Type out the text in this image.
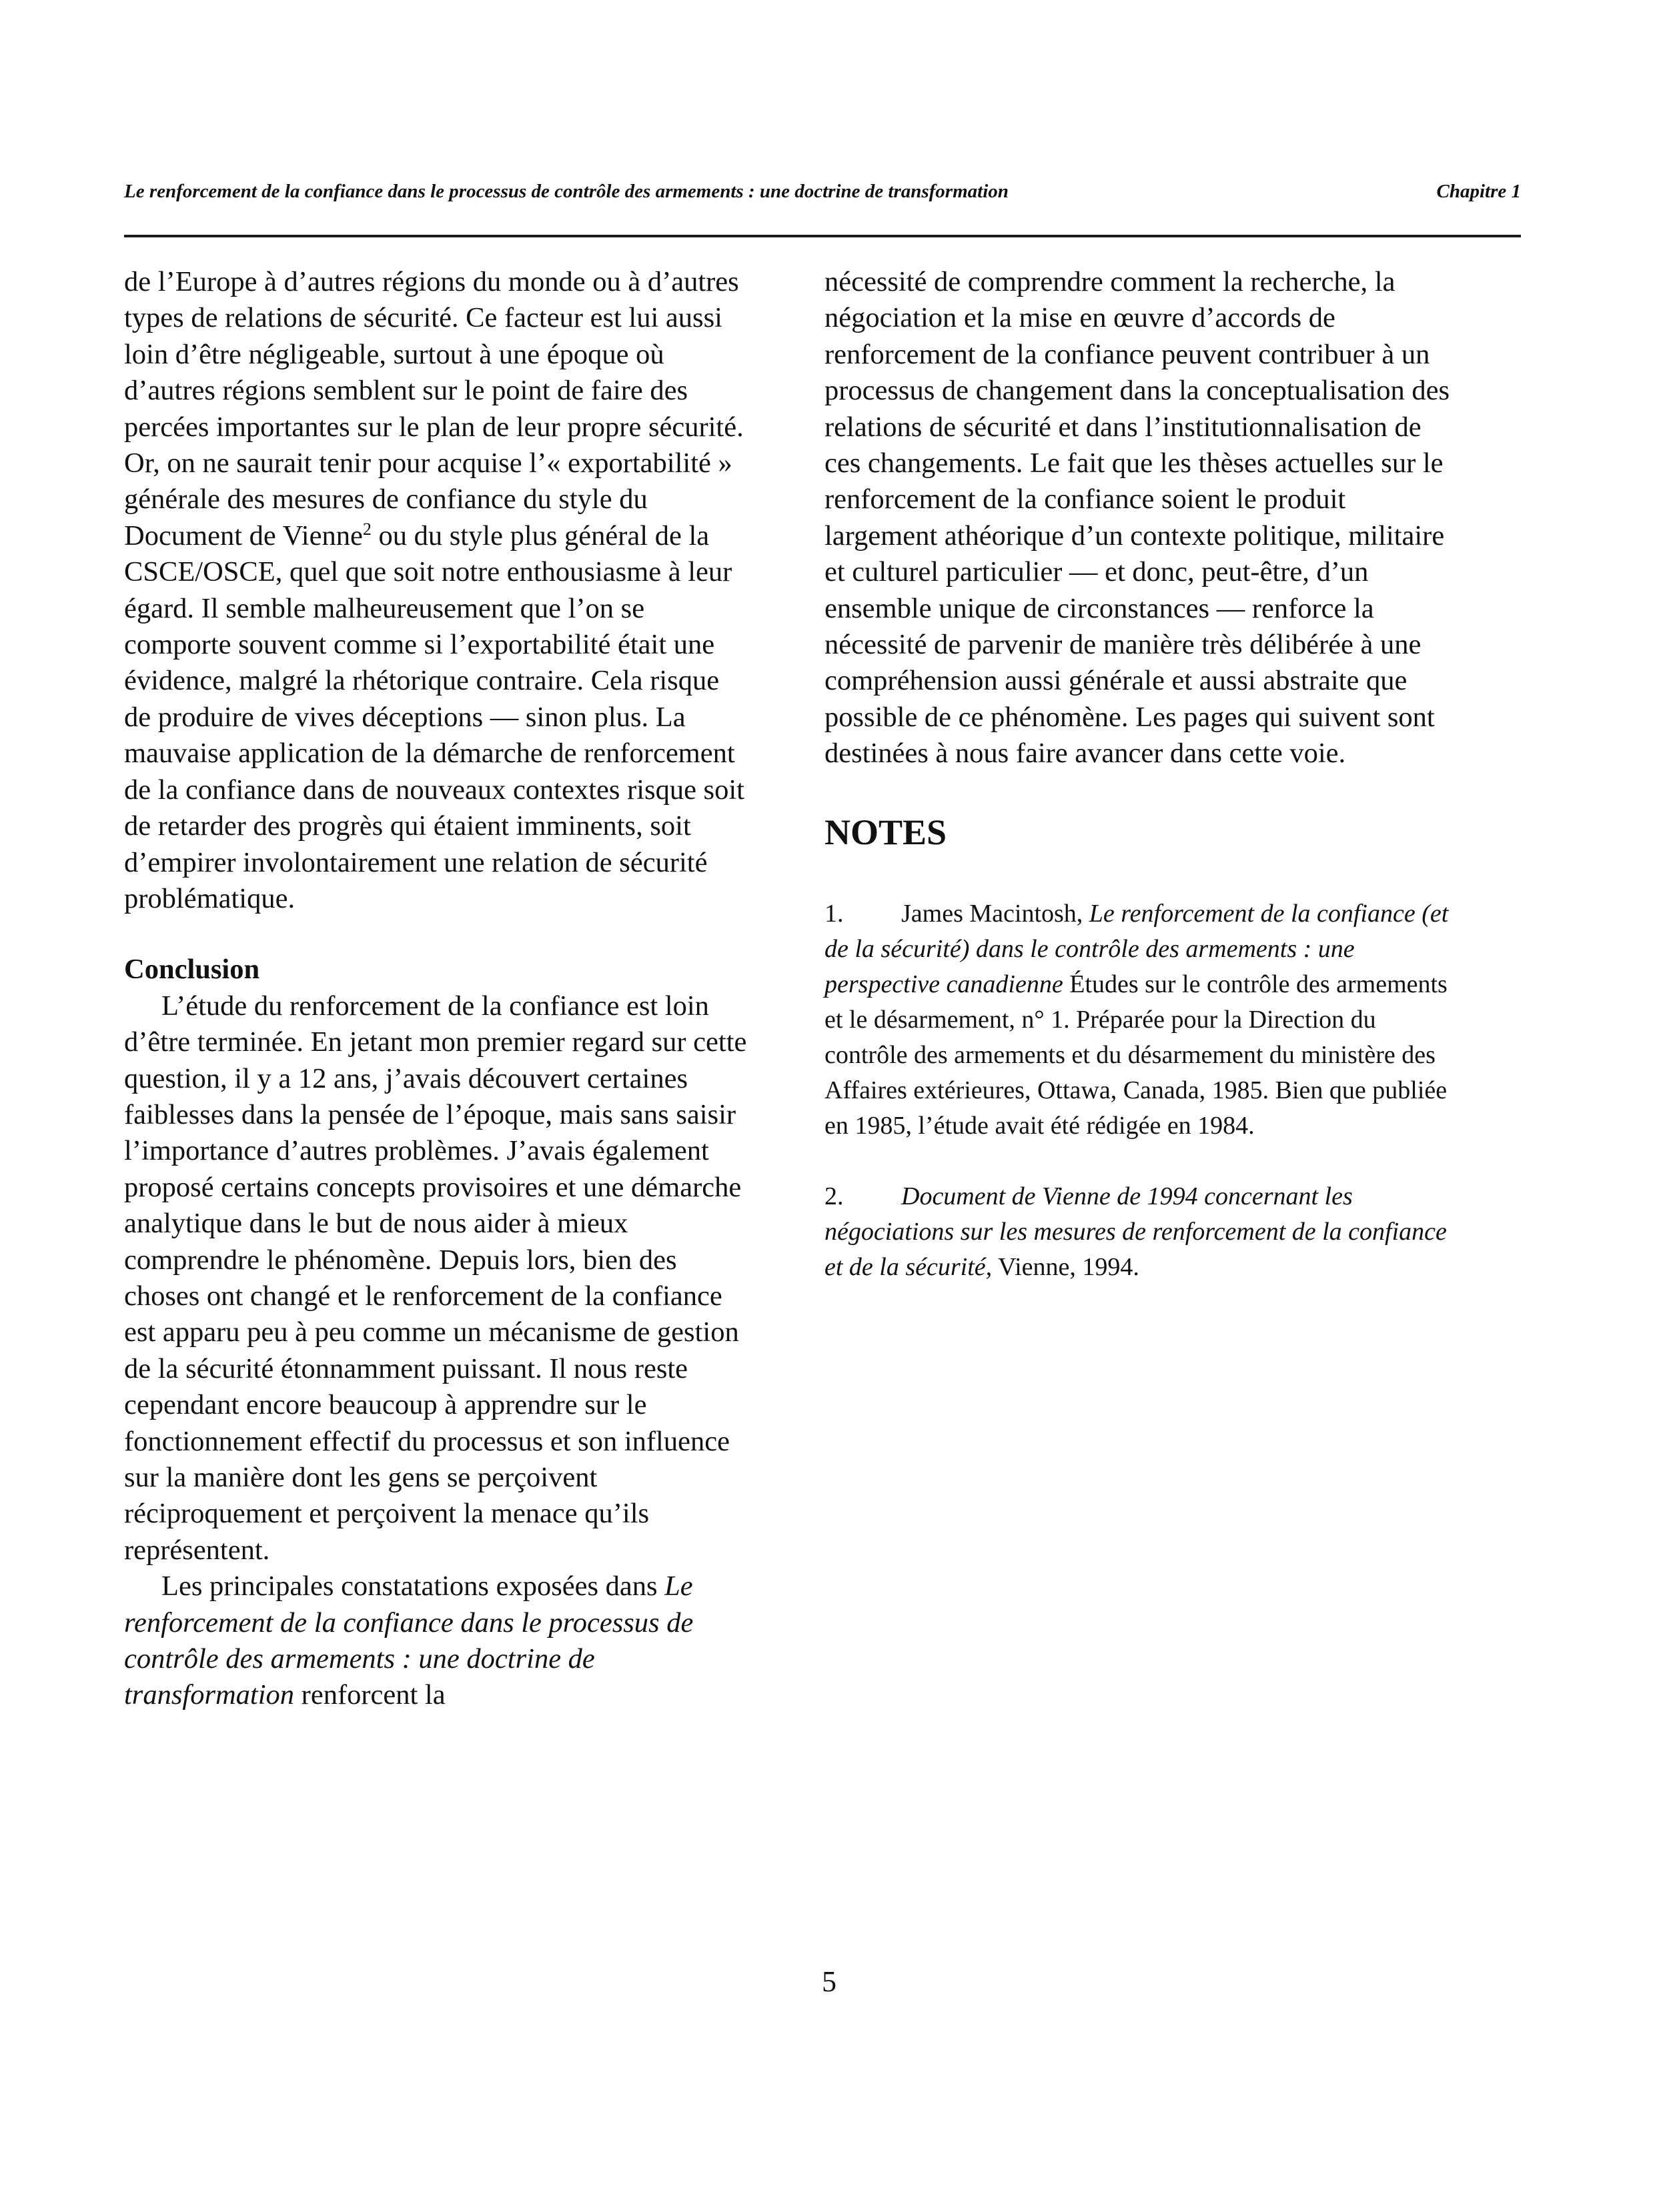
Le renforcement de la confiance dans le processus de contrôle des armements : une doctrine de transformation	Chapitre 1

de l’Europe à d’autres régions du monde ou à d’autres types de relations de sécurité. Ce facteur est lui aussi loin d’être négligeable, surtout à une époque où d’autres régions semblent sur le point de faire des percées importantes sur le plan de leur propre sécurité. Or, on ne saurait tenir pour acquise l’« exportabilité » générale des mesures de confiance du style du Document de Vienne$^2$ ou du style plus général de la CSCE/OSCE, quel que soit notre enthousiasme à leur égard. Il semble malheureusement que l’on se comporte souvent comme si l’exportabilité était une évidence, malgré la rhétorique contraire. Cela risque de produire de vives déceptions — sinon plus. La mauvaise application de la démarche de renforcement de la confiance dans de nouveaux contextes risque soit de retarder des progrès qui étaient imminents, soit d’empirer involontairement une relation de sécurité problématique.

Conclusion

L’étude du renforcement de la confiance est loin d’être terminée. En jetant mon premier regard sur cette question, il y a 12 ans, j’avais découvert certaines faiblesses dans la pensée de l’époque, mais sans saisir l’importance d’autres problèmes. J’avais également proposé certains concepts provisoires et une démarche analytique dans le but de nous aider à mieux comprendre le phénomène. Depuis lors, bien des choses ont changé et le renforcement de la confiance est apparu peu à peu comme un mécanisme de gestion de la sécurité étonnamment puissant. Il nous reste cependant encore beaucoup à apprendre sur le fonctionnement effectif du processus et son influence sur la manière dont les gens se perçoivent réciproquement et perçoivent la menace qu’ils représentent.

Les principales constatations exposées dans Le renforcement de la confiance dans le processus de contrôle des armements : une doctrine de transformation renforcent la

nécessité de comprendre comment la recherche, la négociation et la mise en œuvre d’accords de renforcement de la confiance peuvent contribuer à un processus de changement dans la conceptualisation des relations de sécurité et dans l’institutionnalisation de ces changements. Le fait que les thèses actuelles sur le renforcement de la confiance soient le produit largement athéorique d’un contexte politique, militaire et culturel particulier — et donc, peut-être, d’un ensemble unique de circonstances — renforce la nécessité de parvenir de manière très délibérée à une compréhension aussi générale et aussi abstraite que possible de ce phénomène. Les pages qui suivent sont destinées à nous faire avancer dans cette voie.

NOTES

1. James Macintosh, Le renforcement de la confiance (et de la sécurité) dans le contrôle des armements : une perspective canadienne Études sur le contrôle des armements et le désarmement, n° 1. Préparée pour la Direction du contrôle des armements et du désarmement du ministère des Affaires extérieures, Ottawa, Canada, 1985. Bien que publiée en 1985, l’étude avait été rédigée en 1984.

2. Document de Vienne de 1994 concernant les négociations sur les mesures de renforcement de la confiance et de la sécurité, Vienne, 1994.

5
